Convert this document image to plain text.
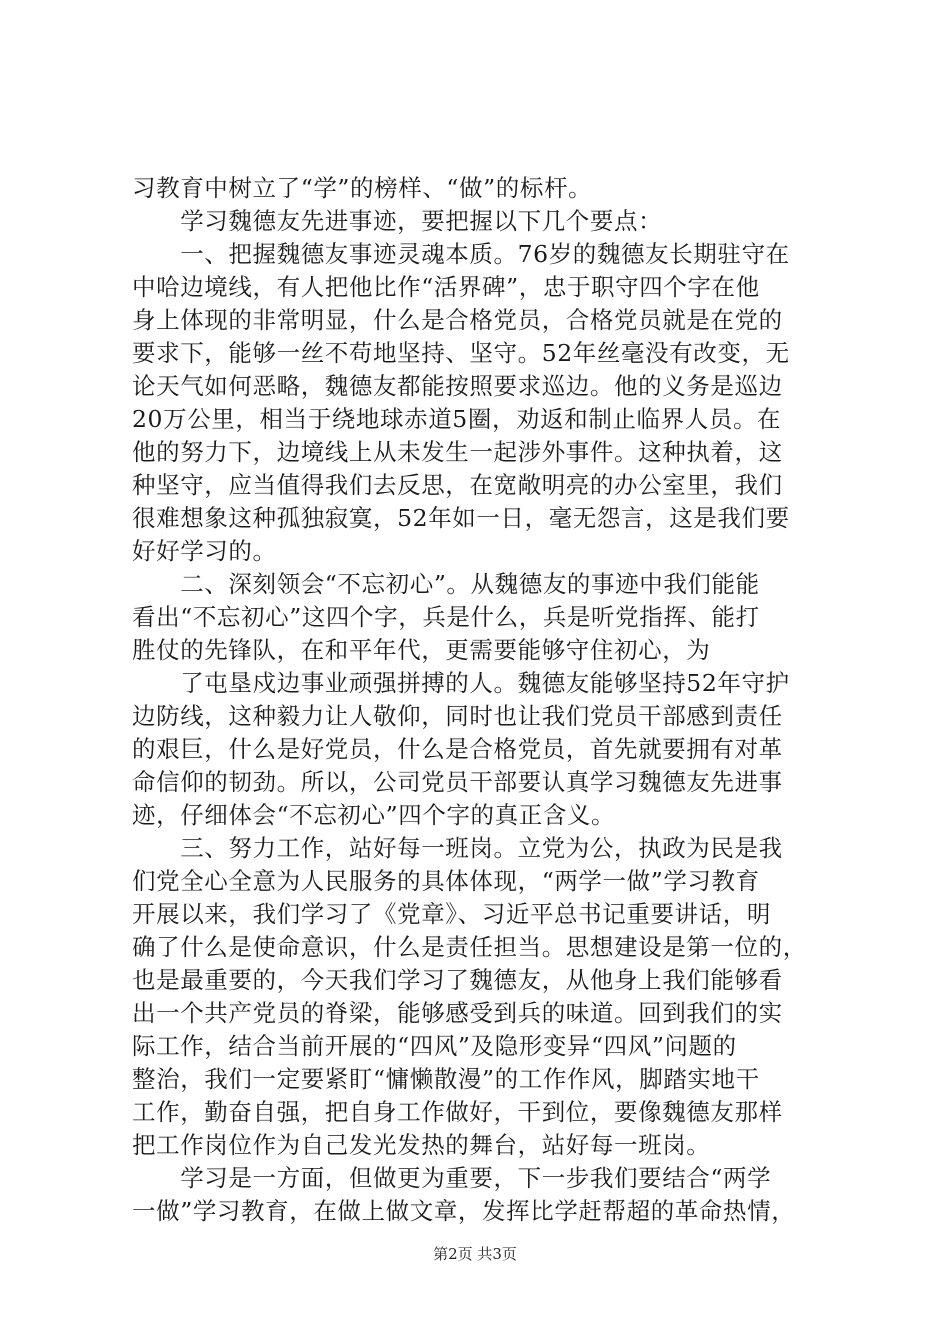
习教育中树立了“学”的榜样、“做”的标杆。
　　学习魏德友先进事迹，要把握以下几个要点：
　　一、把握魏德友事迹灵魂本质。76岁的魏德友长期驻守在
中哈边境线，有人把他比作“活界碑”，忠于职守四个字在他
身上体现的非常明显，什么是合格党员，合格党员就是在党的
要求下，能够一丝不苟地坚持、坚守。52年丝毫没有改变，无
论天气如何恶略，魏德友都能按照要求巡边。他的义务是巡边
20万公里，相当于绕地球赤道5圈，劝返和制止临界人员。在
他的努力下，边境线上从未发生一起涉外事件。这种执着，这
种坚守，应当值得我们去反思，在宽敞明亮的办公室里，我们
很难想象这种孤独寂寞，52年如一日，毫无怨言，这是我们要
好好学习的。
　　二、深刻领会“不忘初心”。从魏德友的事迹中我们能能
看出“不忘初心”这四个字，兵是什么，兵是听党指挥、能打
胜仗的先锋队，在和平年代，更需要能够守住初心，为
　　了屯垦戍边事业顽强拼搏的人。魏德友能够坚持52年守护
边防线，这种毅力让人敬仰，同时也让我们党员干部感到责任
的艰巨，什么是好党员，什么是合格党员，首先就要拥有对革
命信仰的韧劲。所以，公司党员干部要认真学习魏德友先进事
迹，仔细体会“不忘初心”四个字的真正含义。
　　三、努力工作，站好每一班岗。立党为公，执政为民是我
们党全心全意为人民服务的具体体现，“两学一做”学习教育
开展以来，我们学习了《党章》、习近平总书记重要讲话，明
确了什么是使命意识，什么是责任担当。思想建设是第一位的，
也是最重要的，今天我们学习了魏德友，从他身上我们能够看
出一个共产党员的脊梁，能够感受到兵的味道。回到我们的实
际工作，结合当前开展的“四风”及隐形变异“四风”问题的
整治，我们一定要紧盯“慵懒散漫”的工作作风，脚踏实地干
工作，勤奋自强，把自身工作做好，干到位，要像魏德友那样
把工作岗位作为自己发光发热的舞台，站好每一班岗。
　　学习是一方面，但做更为重要，下一步我们要结合“两学
一做”学习教育，在做上做文章，发挥比学赶帮超的革命热情，
第2页 共3页
